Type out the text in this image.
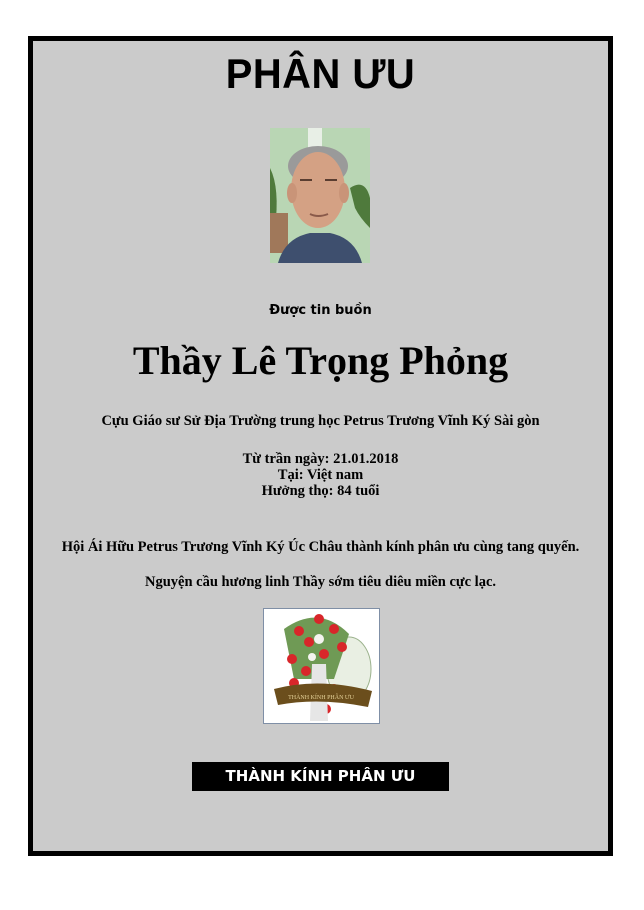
PHÂN ƯU
Được tin buồn
Thầy Lê Trọng Phỏng
Cựu Giáo sư Sử Địa Trường trung học Petrus Trương Vĩnh Ký Sài gòn
Từ trần ngày: 21.01.2018
Tại: Việt nam
Hưởng thọ: 84 tuổi
Hội Ái Hữu Petrus Trương Vĩnh Ký Úc Châu thành kính phân ưu cùng tang quyến.
Nguyện cầu hương linh Thầy sớm tiêu diêu miền cực lạc.
THÀNH KÍNH PHÂN ƯU
THÀNH KÍNH PHÂN ƯU
